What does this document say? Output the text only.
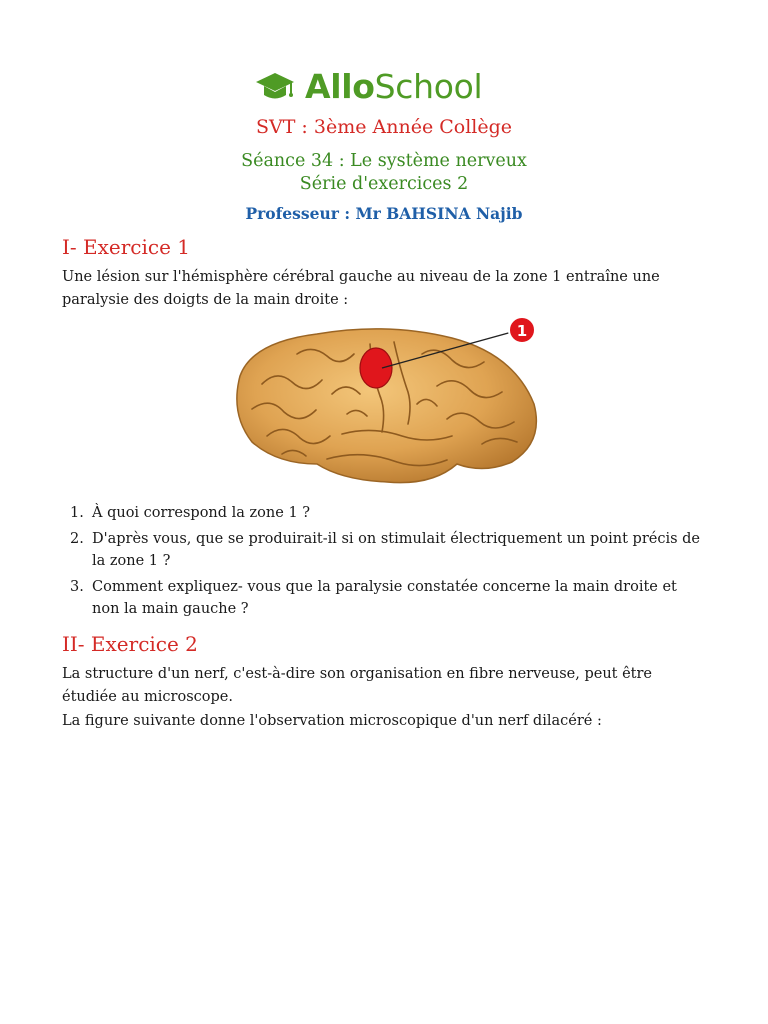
AlloSchool
SVT : 3ème Année Collège
Séance 34 : Le système nerveux
Série d'exercices 2
Professeur : Mr BAHSINA Najib
I- Exercice 1

Une lésion sur l'hémisphère cérébral gauche au niveau de la zone 1 entraîne une paralysie des doigts de la main droite :

1
1. À quoi correspond la zone 1 ?
2. D'après vous, que se produirait-il si on stimulait électriquement un point précis de la zone 1 ?
3. Comment expliquez- vous que la paralysie constatée concerne la main droite et non la main gauche ?
II- Exercice 2

La structure d'un nerf, c'est-à-dire son organisation en fibre nerveuse, peut être étudiée au microscope.

La figure suivante donne l'observation microscopique d'un nerf dilacéré :
